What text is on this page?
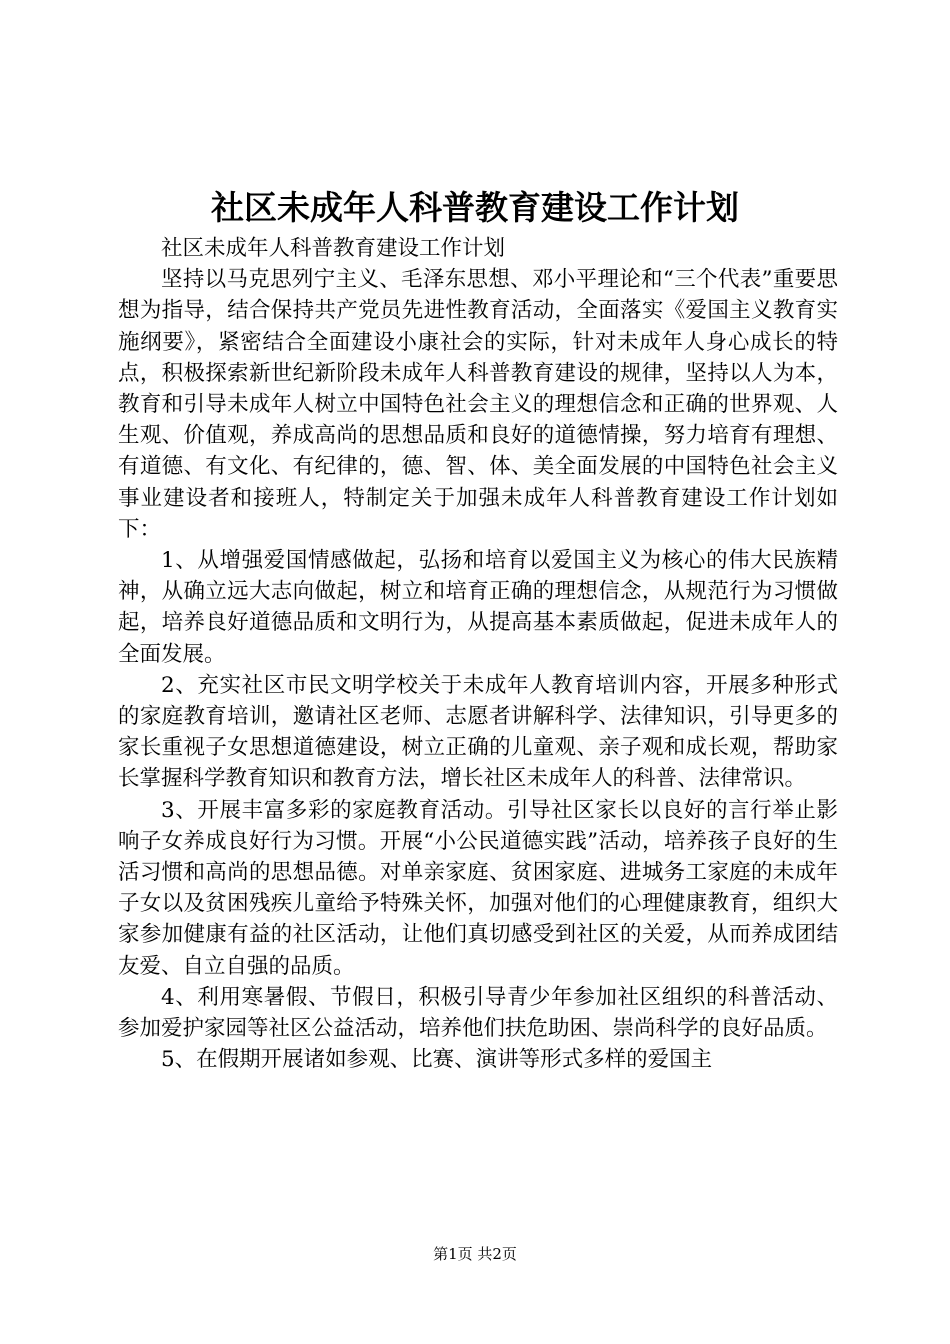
社区未成年人科普教育建设工作计划

社区未成年人科普教育建设工作计划

坚持以马克思列宁主义、毛泽东思想、邓小平理论和“三个代表”重要思想为指导，结合保持共产党员先进性教育活动，全面落实《爱国主义教育实施纲要》，紧密结合全面建设小康社会的实际，针对未成年人身心成长的特点，积极探索新世纪新阶段未成年人科普教育建设的规律，坚持以人为本，教育和引导未成年人树立中国特色社会主义的理想信念和正确的世界观、人生观、价值观，养成高尚的思想品质和良好的道德情操，努力培育有理想、有道德、有文化、有纪律的，德、智、体、美全面发展的中国特色社会主义事业建设者和接班人，特制定关于加强未成年人科普教育建设工作计划如下：

1、从增强爱国情感做起，弘扬和培育以爱国主义为核心的伟大民族精神，从确立远大志向做起，树立和培育正确的理想信念，从规范行为习惯做起，培养良好道德品质和文明行为，从提高基本素质做起，促进未成年人的全面发展。

2、充实社区市民文明学校关于未成年人教育培训内容，开展多种形式的家庭教育培训，邀请社区老师、志愿者讲解科学、法律知识，引导更多的家长重视子女思想道德建设，树立正确的儿童观、亲子观和成长观，帮助家长掌握科学教育知识和教育方法，增长社区未成年人的科普、法律常识。

3、开展丰富多彩的家庭教育活动。引导社区家长以良好的言行举止影响子女养成良好行为习惯。开展“小公民道德实践”活动，培养孩子良好的生活习惯和高尚的思想品德。对单亲家庭、贫困家庭、进城务工家庭的未成年子女以及贫困残疾儿童给予特殊关怀，加强对他们的心理健康教育，组织大家参加健康有益的社区活动，让他们真切感受到社区的关爱，从而养成团结友爱、自立自强的品质。

4、利用寒暑假、节假日，积极引导青少年参加社区组织的科普活动、参加爱护家园等社区公益活动，培养他们扶危助困、崇尚科学的良好品质。

5、在假期开展诸如参观、比赛、演讲等形式多样的爱国主

第1页 共2页
